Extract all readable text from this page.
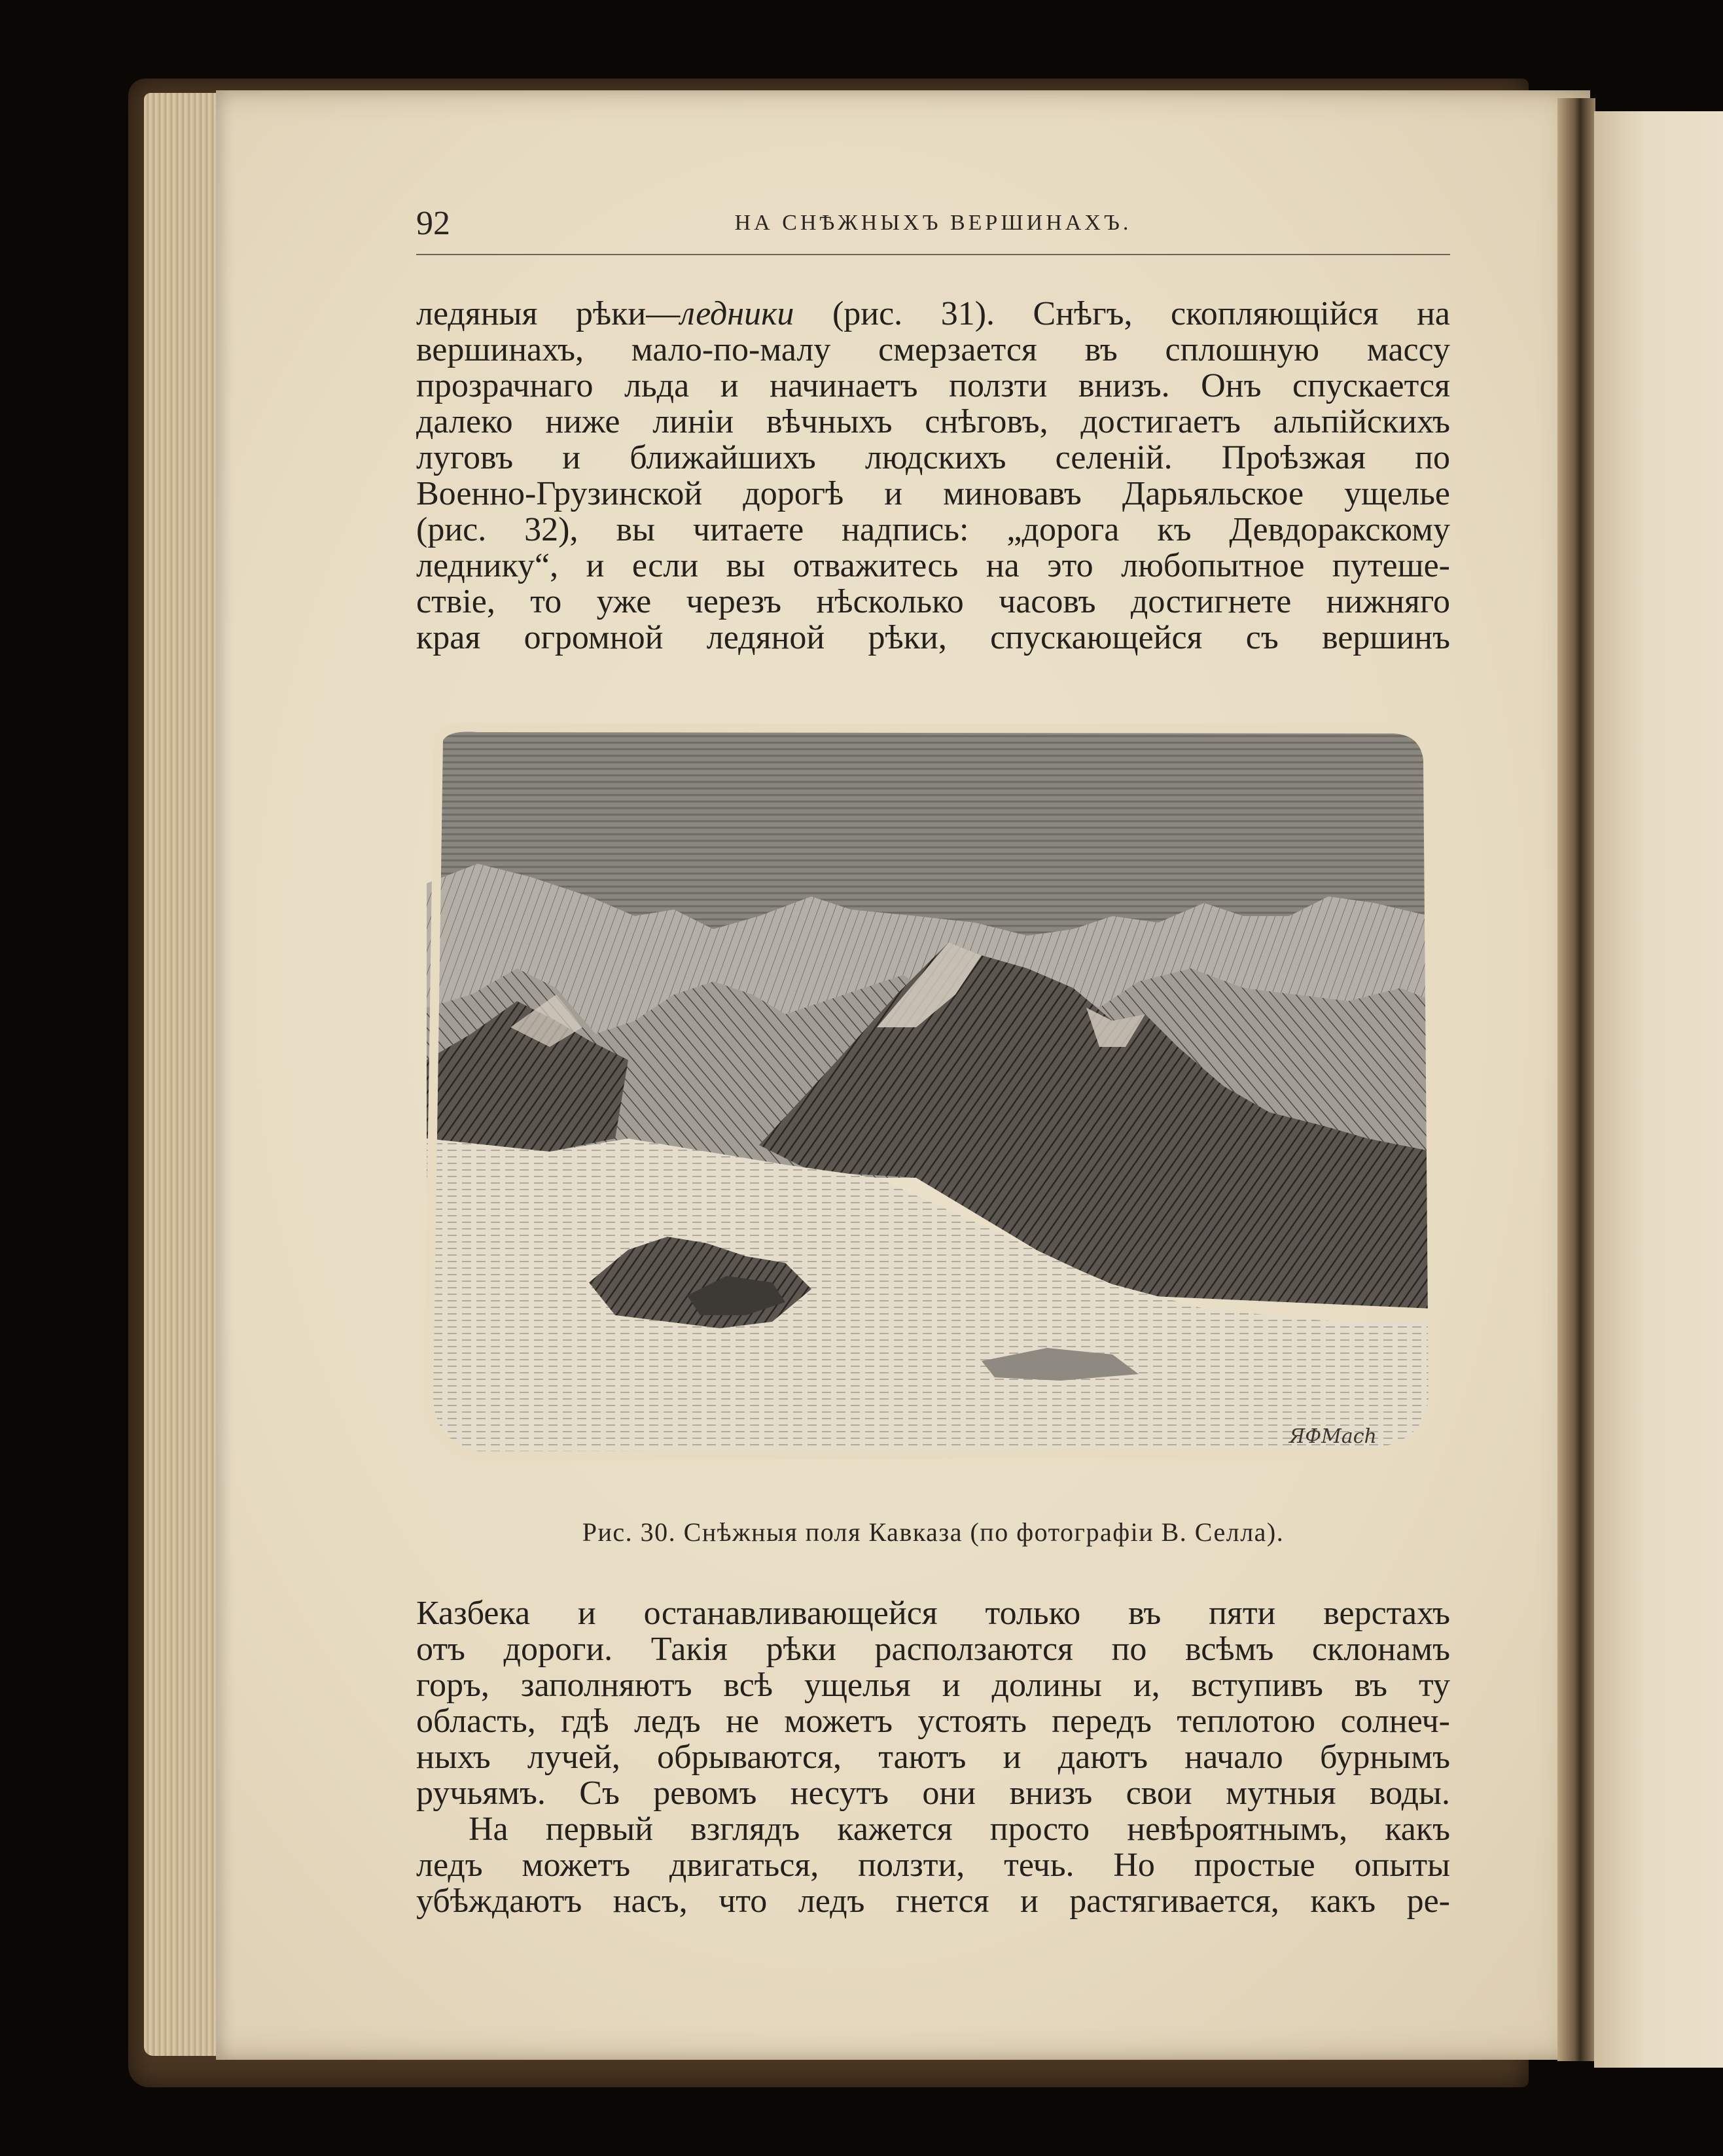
92	НА СНѢЖНЫХЪ ВЕРШИНАХЪ.
ледяныя рѣки—ледники (рис. 31). Снѣгъ, скопляющійся на
вершинахъ, мало-по-малу смерзается въ сплошную массу
прозрачнаго льда и начинаетъ ползти внизъ. Онъ спускается
далеко ниже линіи вѣчныхъ снѣговъ, достигаетъ альпійскихъ
луговъ и ближайшихъ людскихъ селеній. Проѣзжая по
Военно-Грузинской дорогѣ и миновавъ Дарьяльское ущелье
(рис. 32), вы читаете надпись: „дорога къ Девдоракскому
леднику“, и если вы отважитесь на это любопытное путеше-
ствіе, то уже черезъ нѣсколько часовъ достигнете нижняго
края огромной ледяной рѣки, спускающейся съ вершинъ
ЯФМасh
Рис. 30. Снѣжныя поля Кавказа (по фотографіи В. Селла).
Казбека и останавливающейся только въ пяти верстахъ
отъ дороги. Такія рѣки расползаются по всѣмъ склонамъ
горъ, заполняютъ всѣ ущелья и долины и, вступивъ въ ту
область, гдѣ ледъ не можетъ устоять передъ теплотою солнеч-
ныхъ лучей, обрываются, таютъ и даютъ начало бурнымъ
ручьямъ. Съ ревомъ несутъ они внизъ свои мутныя воды.
На первый взглядъ кажется просто невѣроятнымъ, какъ
ледъ можетъ двигаться, ползти, течь. Но простые опыты
убѣждаютъ насъ, что ледъ гнется и растягивается, какъ ре-
